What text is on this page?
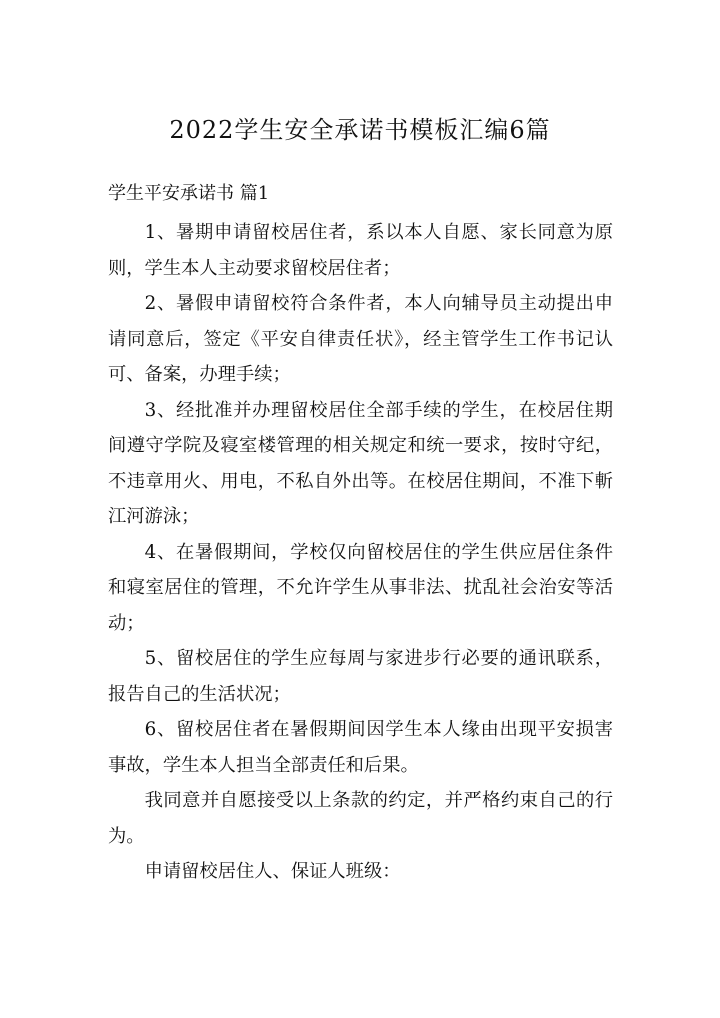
2022学生安全承诺书模板汇编6篇

学生平安承诺书 篇1

1、暑期申请留校居住者，系以本人自愿、家长同意为原则，学生本人主动要求留校居住者；

2、暑假申请留校符合条件者，本人向辅导员主动提出申请同意后，签定《平安自律责任状》，经主管学生工作书记认可、备案，办理手续；

3、经批准并办理留校居住全部手续的学生，在校居住期间遵守学院及寝室楼管理的相关规定和统一要求，按时守纪，不违章用火、用电，不私自外出等。在校居住期间，不准下斬江河游泳；

4、在暑假期间，学校仅向留校居住的学生供应居住条件和寝室居住的管理，不允许学生从事非法、扰乱社会治安等活动；

5、留校居住的学生应每周与家进步行必要的通讯联系，报告自己的生活状况；

6、留校居住者在暑假期间因学生本人缘由出现平安损害事故，学生本人担当全部责任和后果。

我同意并自愿接受以上条款的约定，并严格约束自己的行为。

申请留校居住人、保证人班级：
